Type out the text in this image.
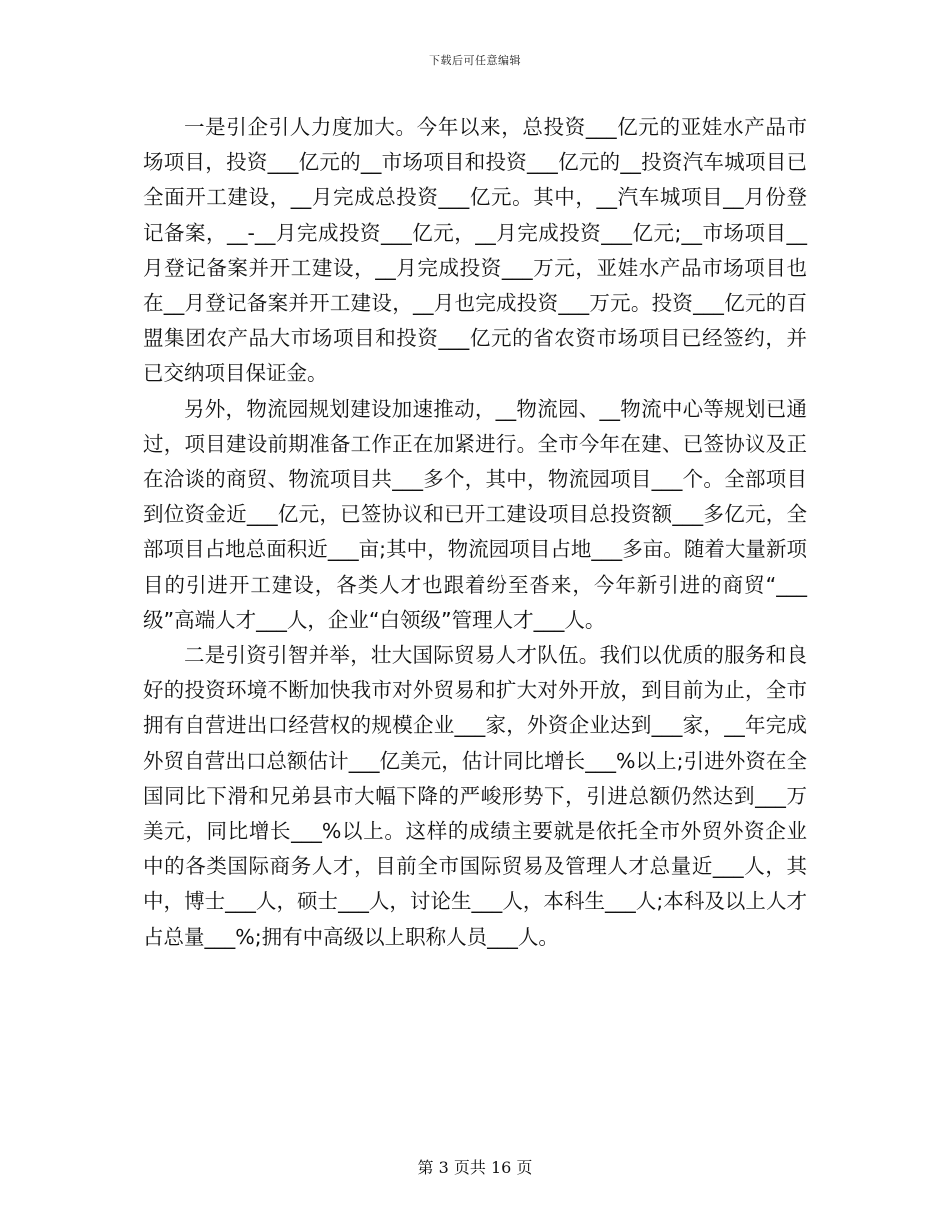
下载后可任意编辑

一是引企引人力度加大。今年以来，总投资___亿元的亚娃水产品市场项目，投资___亿元的__市场项目和投资___亿元的__投资汽车城项目已全面开工建设，__月完成总投资___亿元。其中，__汽车城项目__月份登记备案，__-__月完成投资___亿元，__月完成投资___亿元;__市场项目__月登记备案并开工建设，__月完成投资___万元，亚娃水产品市场项目也在__月登记备案并开工建设，__月也完成投资___万元。投资___亿元的百盟集团农产品大市场项目和投资___亿元的省农资市场项目已经签约，并已交纳项目保证金。

另外，物流园规划建设加速推动，__物流园、__物流中心等规划已通过，项目建设前期准备工作正在加紧进行。全市今年在建、已签协议及正在洽谈的商贸、物流项目共___多个，其中，物流园项目___个。全部项目到位资金近___亿元，已签协议和已开工建设项目总投资额___多亿元，全部项目占地总面积近___亩;其中，物流园项目占地___多亩。随着大量新项目的引进开工建设，各类人才也跟着纷至沓来，今年新引进的商贸“___级”高端人才___人，企业“白领级”管理人才___人。

二是引资引智并举，壮大国际贸易人才队伍。我们以优质的服务和良好的投资环境不断加快我市对外贸易和扩大对外开放，到目前为止，全市拥有自营进出口经营权的规模企业___家，外资企业达到___家，__年完成外贸自营出口总额估计___亿美元，估计同比增长___%以上;引进外资在全国同比下滑和兄弟县市大幅下降的严峻形势下，引进总额仍然达到___万美元，同比增长___%以上。这样的成绩主要就是依托全市外贸外资企业中的各类国际商务人才，目前全市国际贸易及管理人才总量近___人，其中，博士___人，硕士___人，讨论生___人，本科生___人;本科及以上人才占总量___%;拥有中高级以上职称人员___人。

第 3 页共 16 页
